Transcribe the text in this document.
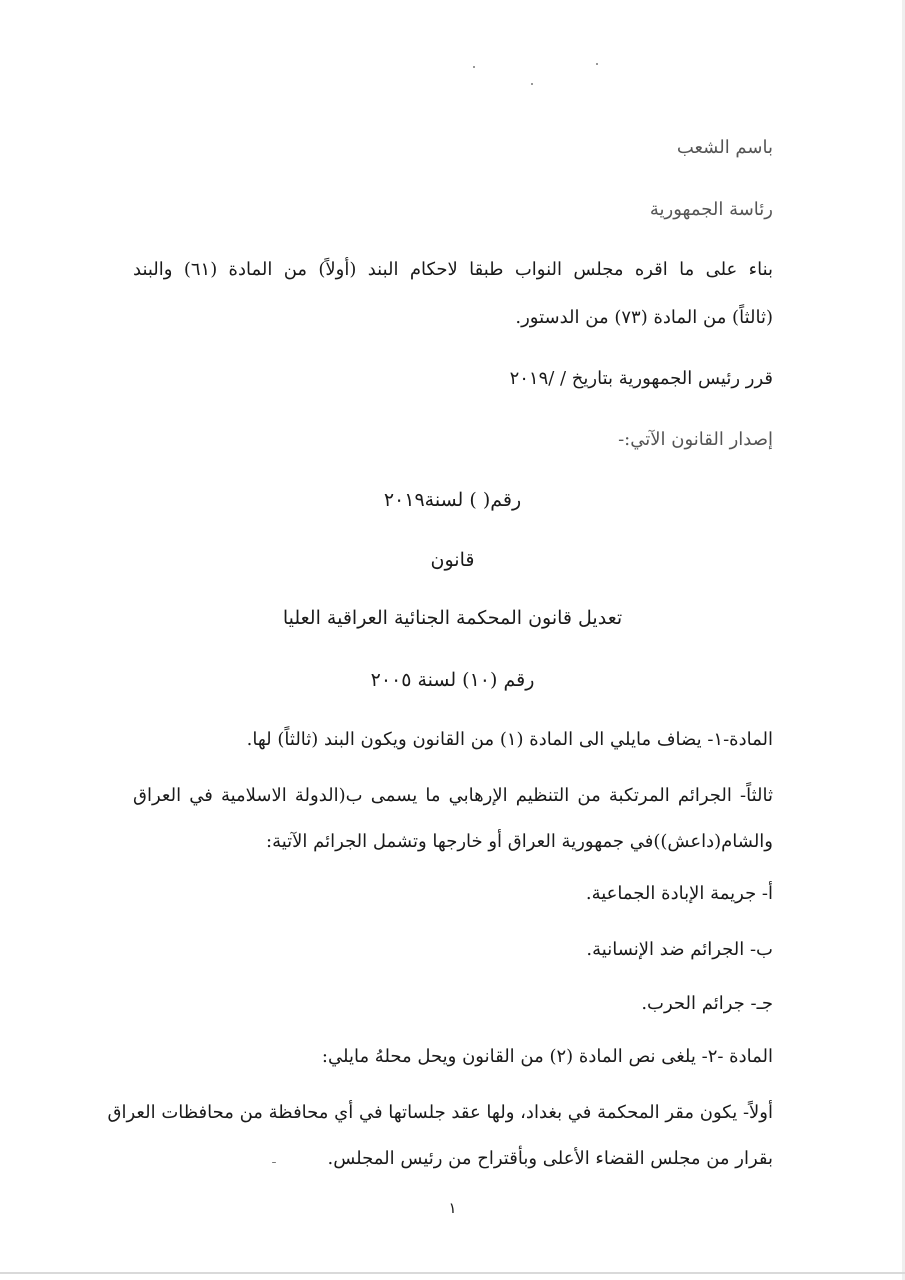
باسم الشعب
رئاسة الجمهورية
بناء على ما اقره مجلس النواب طبقا لاحكام البند (أولاً) من المادة (٦١) والبند
(ثالثاً) من المادة (٧٣) من الدستور.
قرر رئيس الجمهورية بتاريخ / /٢٠١٩
إصدار القانون الآتي:-
رقم( ) لسنة٢٠١٩
قانون
تعديل قانون المحكمة الجنائية العراقية العليا
رقم (١٠) لسنة ٢٠٠٥
المادة-١- يضاف مايلي الى المادة (١) من القانون ويكون البند (ثالثاً) لها.
ثالثاً- الجرائم المرتكبة من التنظيم الإرهابي ما يسمى ب(الدولة الاسلامية في العراق
والشام(داعش))في جمهورية العراق أو خارجها وتشمل الجرائم الآتية:
أ- جريمة الإبادة الجماعية.
ب- الجرائم ضد الإنسانية.
جـ- جرائم الحرب.
المادة -٢- يلغى نص المادة (٢) من القانون ويحل محلهُ مايلي:
أولاً- يكون مقر المحكمة في بغداد، ولها عقد جلساتها في أي محافظة من محافظات العراق
بقرار من مجلس القضاء الأعلى وبأقتراح من رئيس المجلس.
١
